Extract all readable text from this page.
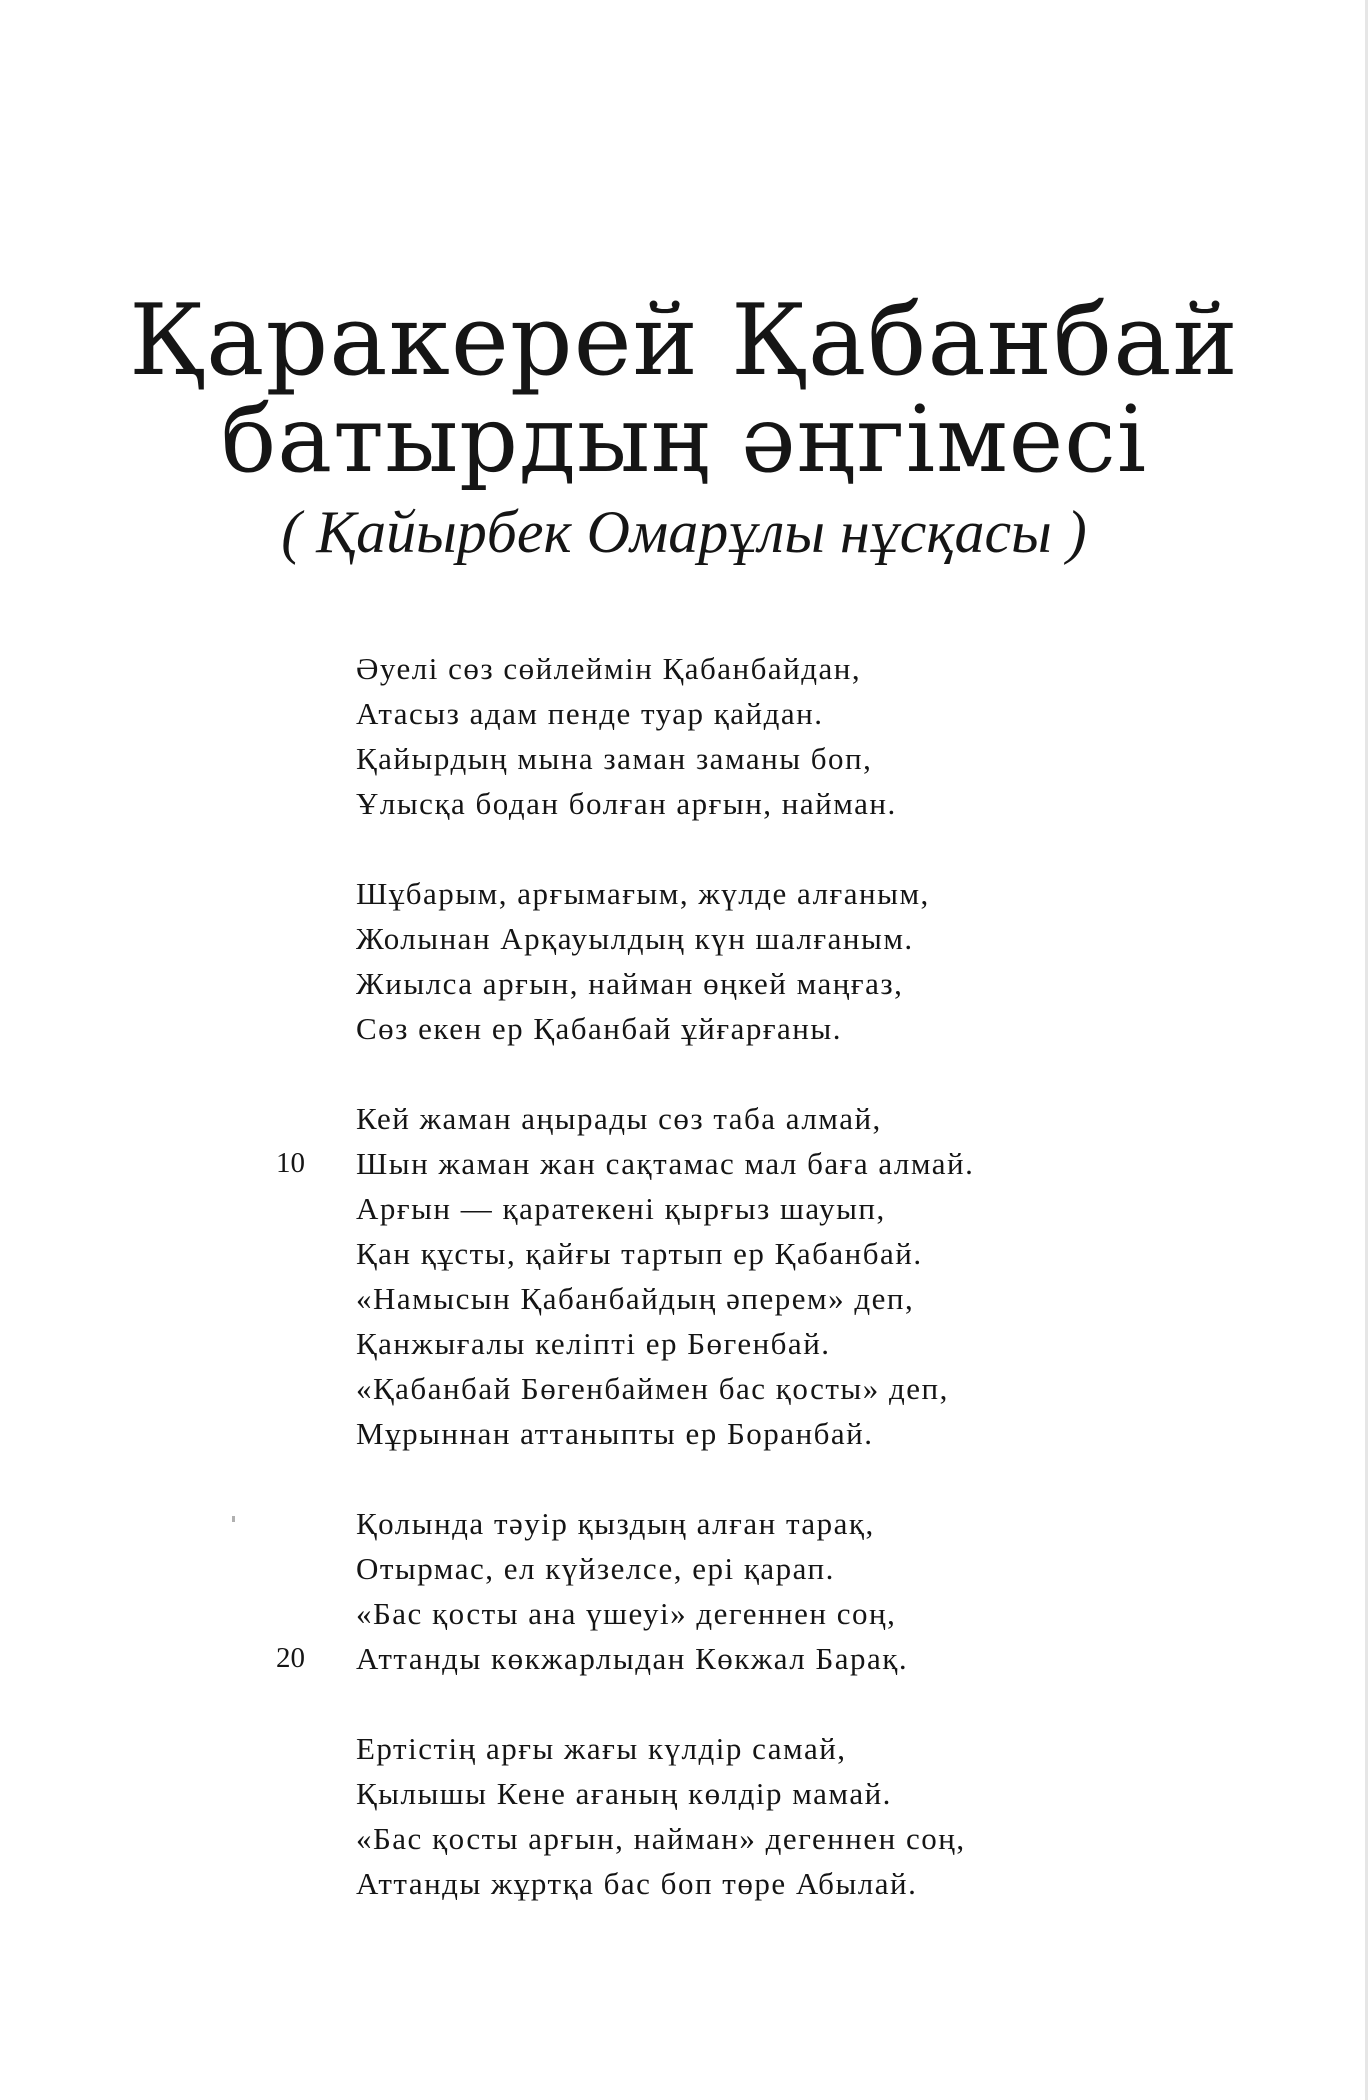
Қаракерей Қабанбай
батырдың әңгімесі
( Қайырбек Омарұлы нұсқасы )
Әуелі сөз сөйлеймін Қабанбайдан,
Атасыз адам пенде туар қайдан.
Қайырдың мына заман заманы боп,
Ұлысқа бодан болған арғын, найман.
Шұбарым, арғымағым, жүлде алғаным,
Жолынан Арқауылдың күн шалғаным.
Жиылса арғын, найман өңкей маңғаз,
Сөз екен ер Қабанбай ұйғарғаны.
Кей жаман аңырады сөз таба алмай,
10 Шын жаман жан сақтамас мал баға алмай.
Арғын — қаратекені қырғыз шауып,
Қан құсты, қайғы тартып ер Қабанбай.
«Намысын Қабанбайдың әперем» деп,
Қанжығалы келіпті ер Бөгенбай.
«Қабанбай Бөгенбаймен бас қосты» деп,
Мұрыннан аттаныпты ер Боранбай.
Қолында тәуір қыздың алған тарақ,
Отырмас, ел күйзелсе, ері қарап.
«Бас қосты ана үшеуі» дегеннен соң,
20 Аттанды көкжарлыдан Көкжал Барақ.
Ертістің арғы жағы күлдір самай,
Қылышы Кене ағаның көлдір мамай.
«Бас қосты арғын, найман» дегеннен соң,
Аттанды жұртқа бас боп төре Абылай.
